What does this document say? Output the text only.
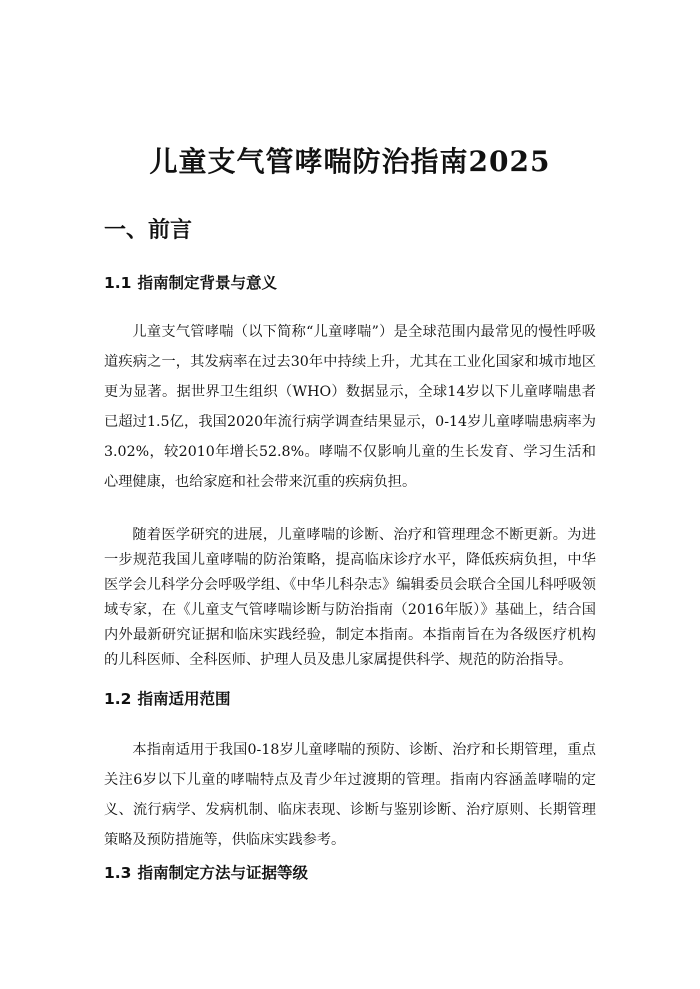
儿童支气管哮喘防治指南2025
一、前言
1.1 指南制定背景与意义

儿童支气管哮喘（以下简称“儿童哮喘”）是全球范围内最常见的慢性呼吸道疾病之一，其发病率在过去30年中持续上升，尤其在工业化国家和城市地区更为显著。据世界卫生组织（WHO）数据显示，全球14岁以下儿童哮喘患者已超过1.5亿，我国2020年流行病学调查结果显示，0-14岁儿童哮喘患病率为3.02%，较2010年增长52.8%。哮喘不仅影响儿童的生长发育、学习生活和心理健康，也给家庭和社会带来沉重的疾病负担。

随着医学研究的进展，儿童哮喘的诊断、治疗和管理理念不断更新。为进一步规范我国儿童哮喘的防治策略，提高临床诊疗水平，降低疾病负担，中华医学会儿科学分会呼吸学组、《中华儿科杂志》编辑委员会联合全国儿科呼吸领域专家，在《儿童支气管哮喘诊断与防治指南（2016年版）》基础上，结合国内外最新研究证据和临床实践经验，制定本指南。本指南旨在为各级医疗机构的儿科医师、全科医师、护理人员及患儿家属提供科学、规范的防治指导。

1.2 指南适用范围

本指南适用于我国0-18岁儿童哮喘的预防、诊断、治疗和长期管理，重点关注6岁以下儿童的哮喘特点及青少年过渡期的管理。指南内容涵盖哮喘的定义、流行病学、发病机制、临床表现、诊断与鉴别诊断、治疗原则、长期管理策略及预防措施等，供临床实践参考。

1.3 指南制定方法与证据等级
